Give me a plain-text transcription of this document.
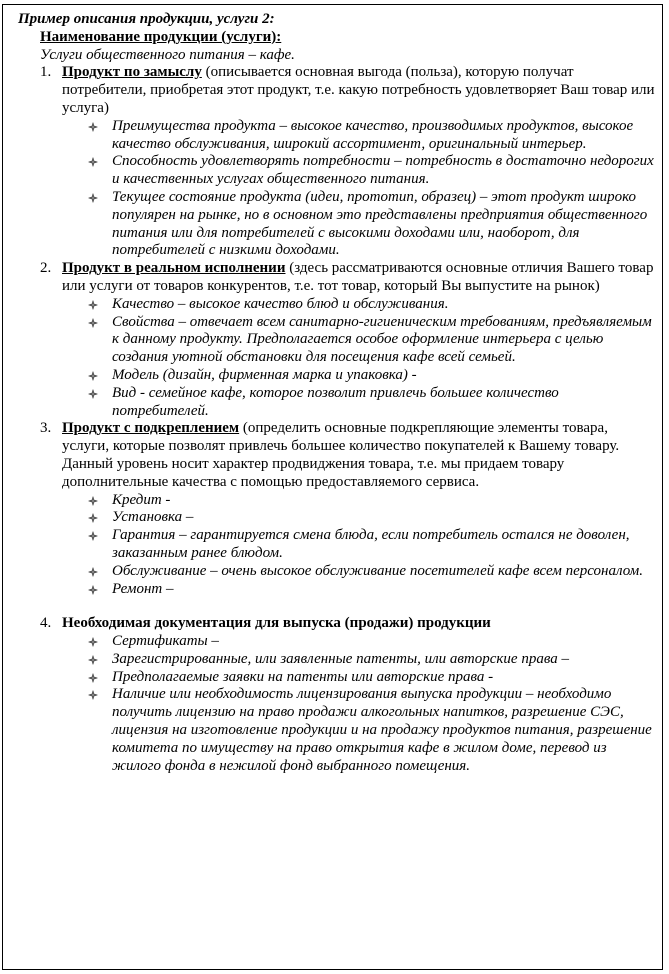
Пример описания продукции, услуги 2:
Наименование продукции (услуги):
Услуги общественного питания – кафе.
1. Продукт по замыслу (описывается основная выгода (польза), которую получат потребители, приобретая этот продукт, т.е. какую потребность удовлетворяет Ваш товар или услуга)
Преимущества продукта – высокое качество, производимых продуктов, высокое качество обслуживания, широкий ассортимент, оригинальный интерьер.
Способность удовлетворять потребности – потребность в достаточно недорогих и качественных услугах общественного питания.
Текущее состояние продукта (идеи, прототип, образец) – этот продукт широко популярен на рынке, но в основном это представлены предприятия общественного питания или для потребителей с высокими доходами или, наоборот, для потребителей с низкими доходами.
2. Продукт в реальном исполнении (здесь рассматриваются основные отличия Вашего товар или услуги от товаров конкурентов, т.е. тот товар, который Вы выпустите на рынок)
Качество – высокое качество блюд и обслуживания.
Свойства – отвечает всем санитарно-гигиеническим требованиям, предъявляемым к данному продукту. Предполагается особое оформление интерьера с целью создания уютной обстановки для посещения кафе всей семьей.
Модель (дизайн, фирменная марка и упаковка) -
Вид - семейное кафе, которое позволит привлечь большее количество потребителей.
3. Продукт с подкреплением (определить основные подкрепляющие элементы товара, услуги, которые позволят привлечь большее количество покупателей к Вашему товару. Данный уровень носит характер продвиджения товара, т.е. мы придаем товару дополнительные качества с помощью предоставляемого сервиса.
Кредит -
Установка –
Гарантия – гарантируется смена блюда, если потребитель остался не доволен, заказанным ранее блюдом.
Обслуживание – очень высокое обслуживание посетителей кафе всем персоналом.
Ремонт –
4. Необходимая документация для выпуска (продажи) продукции
Сертификаты –
Зарегистрированные, или заявленные патенты, или авторские права –
Предполагаемые заявки на патенты или авторские права -
Наличие или необходимость лицензирования выпуска продукции – необходимо получить лицензию на право продажи алкогольных напитков, разрешение СЭС, лицензия на изготовление продукции и на продажу продуктов питания, разрешение комитета по имуществу на право открытия кафе в жилом доме, перевод из жилого фонда в нежилой фонд выбранного помещения.
